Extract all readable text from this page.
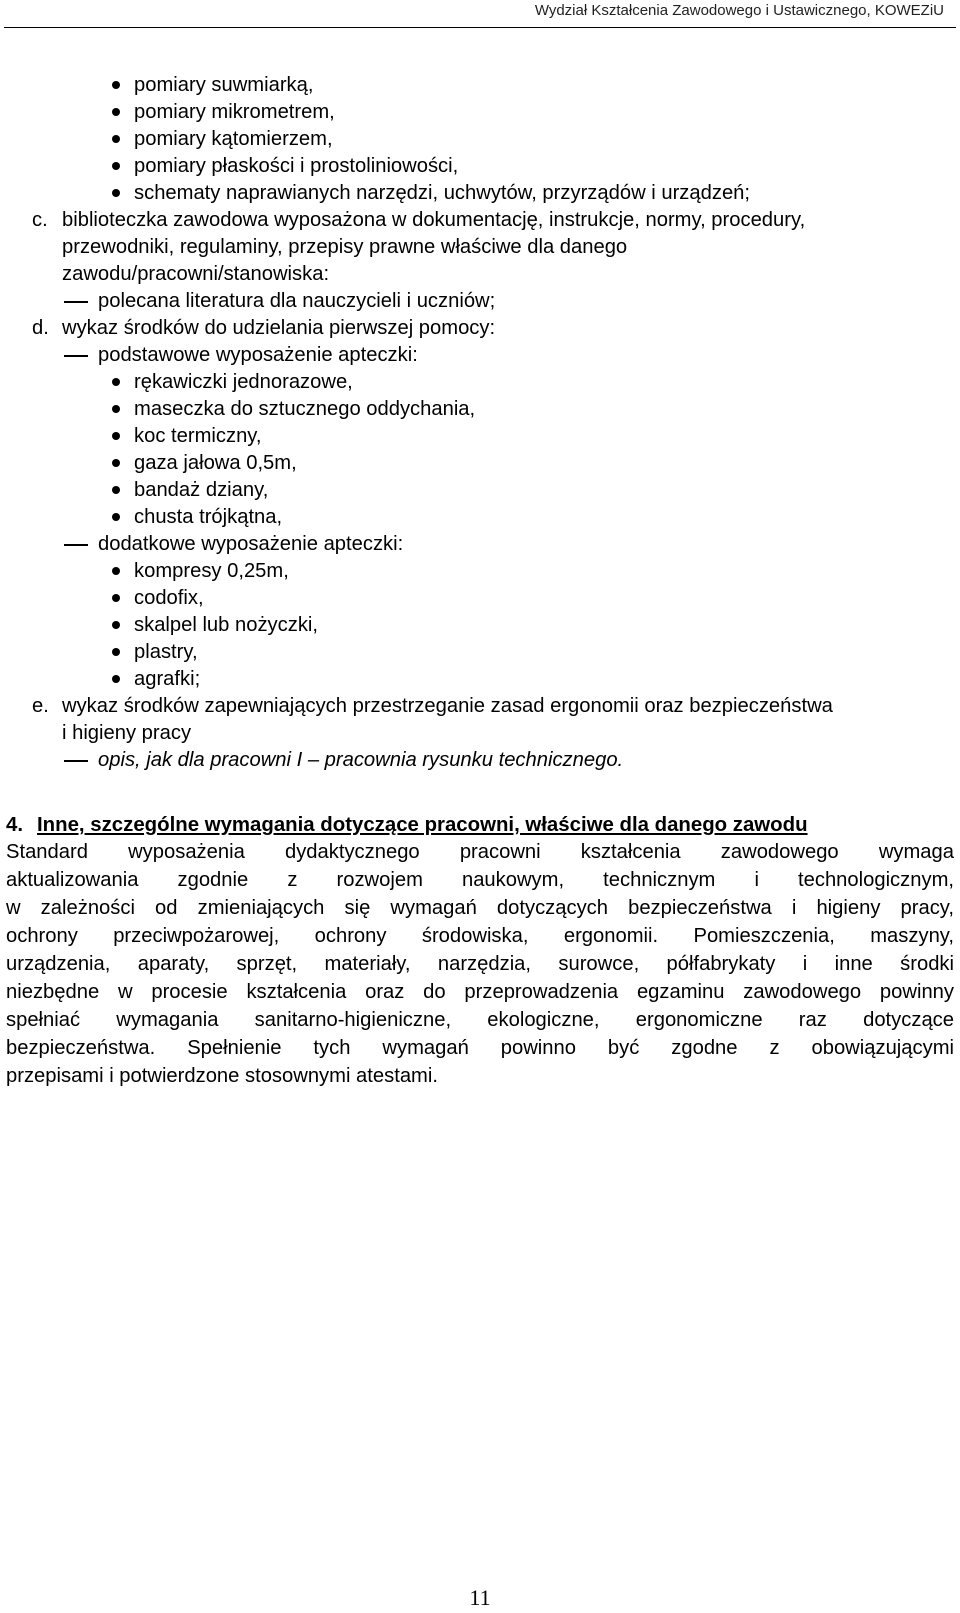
Wydział Kształcenia Zawodowego i Ustawicznego, KOWEZiU
pomiary suwmiarką,
pomiary mikrometrem,
pomiary kątomierzem,
pomiary płaskości i prostoliniowości,
schematy naprawianych narzędzi, uchwytów, przyrządów i urządzeń;
c. biblioteczka zawodowa wyposażona w dokumentację, instrukcje, normy, procedury,
przewodniki, regulaminy, przepisy prawne właściwe dla danego
zawodu/pracowni/stanowiska:
polecana literatura dla nauczycieli i uczniów;
d. wykaz środków do udzielania pierwszej pomocy:
podstawowe wyposażenie apteczki:
rękawiczki jednorazowe,
maseczka do sztucznego oddychania,
koc termiczny,
gaza jałowa 0,5m,
bandaż dziany,
chusta trójkątna,
dodatkowe wyposażenie apteczki:
kompresy 0,25m,
codofix,
skalpel lub nożyczki,
plastry,
agrafki;
e. wykaz środków zapewniających przestrzeganie zasad ergonomii oraz bezpieczeństwa
i higieny pracy
opis, jak dla pracowni I – pracownia rysunku technicznego.
4. Inne, szczególne wymagania dotyczące pracowni, właściwe dla danego zawodu
Standard wyposażenia dydaktycznego pracowni kształcenia zawodowego wymaga
aktualizowania zgodnie z rozwojem naukowym, technicznym i technologicznym,
w zależności od zmieniających się wymagań dotyczących bezpieczeństwa i higieny pracy,
ochrony przeciwpożarowej, ochrony środowiska, ergonomii. Pomieszczenia, maszyny,
urządzenia, aparaty, sprzęt, materiały, narzędzia, surowce, półfabrykaty i inne środki
niezbędne w procesie kształcenia oraz do przeprowadzenia egzaminu zawodowego powinny
spełniać wymagania sanitarno-higieniczne, ekologiczne, ergonomiczne raz dotyczące
bezpieczeństwa. Spełnienie tych wymagań powinno być zgodne z obowiązującymi
przepisami i potwierdzone stosownymi atestami.
11
